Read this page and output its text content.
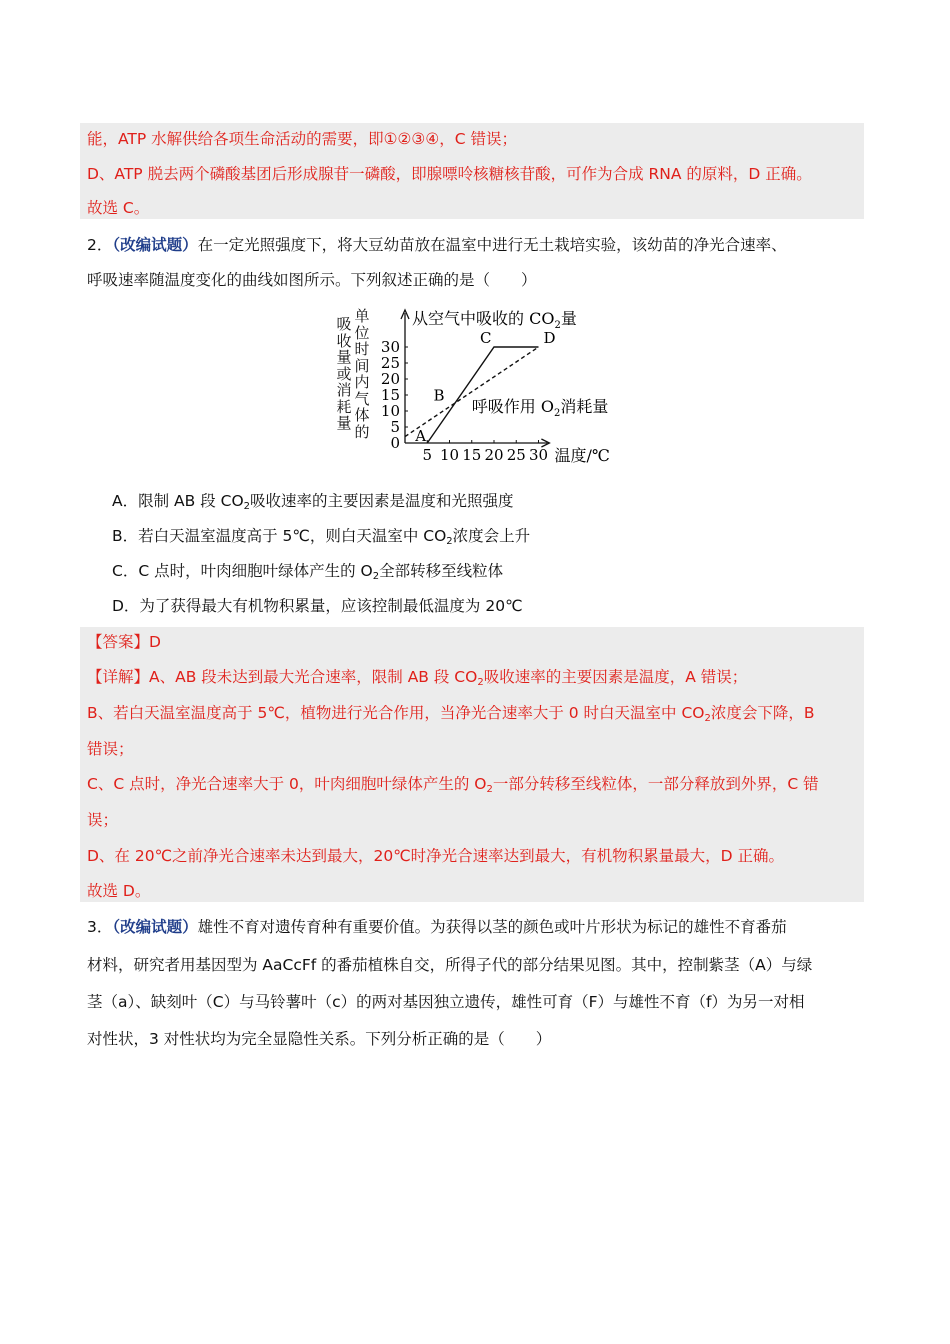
能，ATP 水解供给各项生命活动的需要，即①②③④，C 错误；
D、ATP 脱去两个磷酸基团后形成腺苷一磷酸，即腺嘌呤核糖核苷酸，可作为合成 RNA 的原料，D 正确。
故选 C。
2．（改编试题）在一定光照强度下，将大豆幼苗放在温室中进行无土栽培实验，该幼苗的净光合速率、
呼吸速率随温度变化的曲线如图所示。下列叙述正确的是（　　）
吸收量或消耗量
单位时间内气体的
5 10 15 20 25 30
0
5
10
15
20
25
30
A
B
C	D
从空气中吸收的 $CO_2$量
呼吸作用 $O_2$消耗量
温度/℃
A．限制 AB 段 $CO_2$吸收速率的主要因素是温度和光照强度
B．若白天温室温度高于 5℃，则白天温室中 $CO_2$浓度会上升
C．C 点时，叶肉细胞叶绿体产生的 $O_2$全部转移至线粒体
D．为了获得最大有机物积累量，应该控制最低温度为 20℃
【答案】D
【详解】A、AB 段未达到最大光合速率，限制 AB 段 $CO_2$吸收速率的主要因素是温度，A 错误；
B、若白天温室温度高于 5℃，植物进行光合作用，当净光合速率大于 0 时白天温室中 $CO_2$浓度会下降，B
错误；
C、C 点时，净光合速率大于 0，叶肉细胞叶绿体产生的 $O_2$一部分转移至线粒体，一部分释放到外界，C 错
误；
D、在 20℃之前净光合速率未达到最大，20℃时净光合速率达到最大，有机物积累量最大，D 正确。
故选 D。
3．（改编试题）雄性不育对遗传育种有重要价值。为获得以茎的颜色或叶片形状为标记的雄性不育番茄
材料，研究者用基因型为 AaCcFf 的番茄植株自交，所得子代的部分结果见图。其中，控制紫茎（A）与绿
茎（a）、缺刻叶（C）与马铃薯叶（c）的两对基因独立遗传，雄性可育（F）与雄性不育（f）为另一对相
对性状，3 对性状均为完全显隐性关系。下列分析正确的是（　　）
